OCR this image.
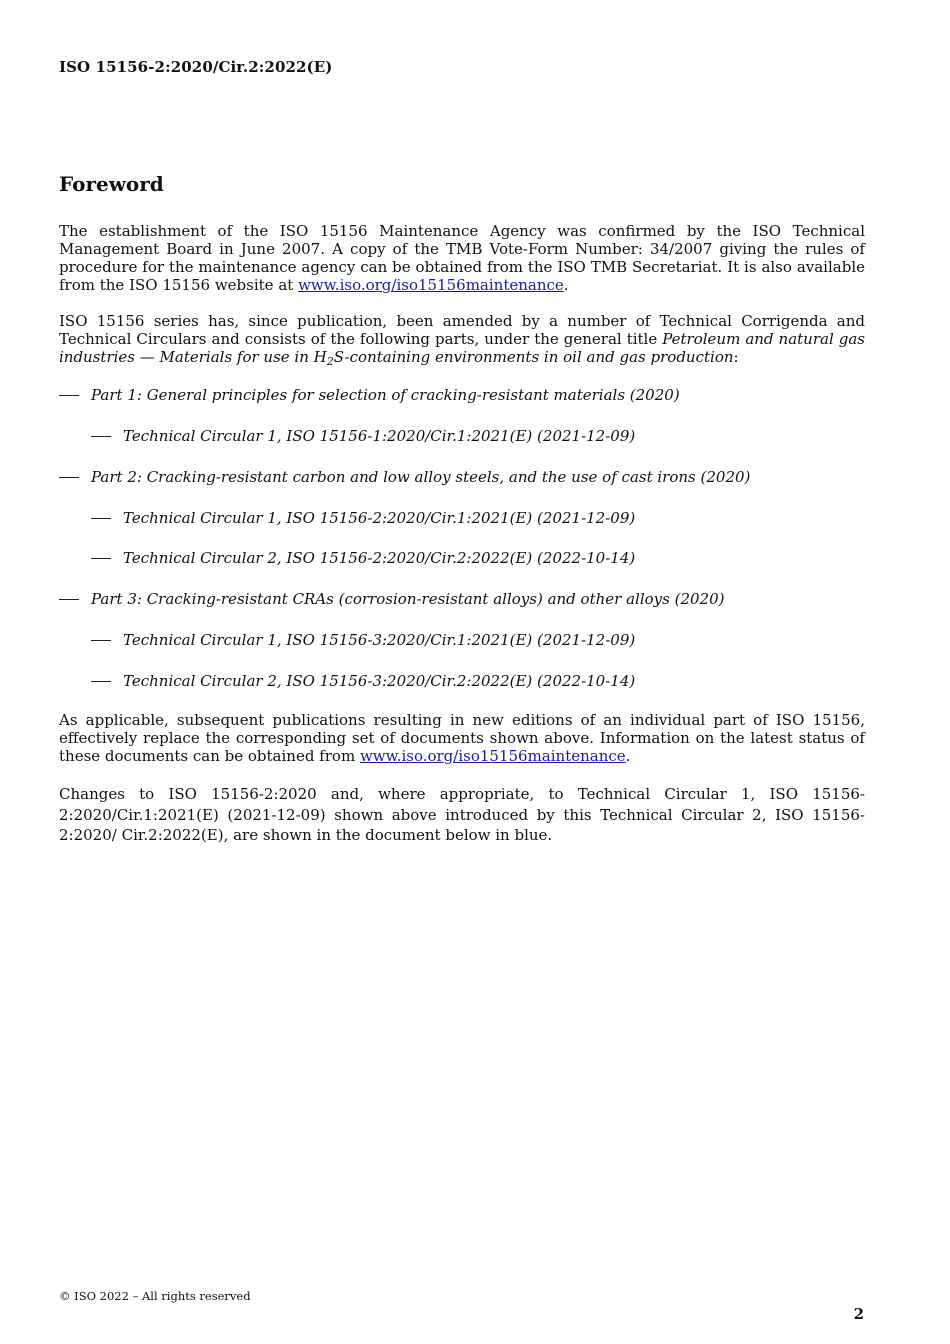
ISO 15156-2:2020/Cir.2:2022(E)
Foreword

The establishment of the ISO 15156 Maintenance Agency was confirmed by the ISO Technical Management Board in June 2007. A copy of the TMB Vote-Form Number: 34/2007 giving the rules of procedure for the maintenance agency can be obtained from the ISO TMB Secretariat. It is also available from the ISO 15156 website at www.iso.org/iso15156maintenance.

ISO 15156 series has, since publication, been amended by a number of Technical Corrigenda and Technical Circulars and consists of the following parts, under the general title Petroleum and natural gas industries — Materials for use in $H_2S$-containing environments in oil and gas production:

Part 1: General principles for selection of cracking-resistant materials (2020)
Technical Circular 1, ISO 15156-1:2020/Cir.1:2021(E) (2021-12-09)
Part 2: Cracking-resistant carbon and low alloy steels, and the use of cast irons (2020)
Technical Circular 1, ISO 15156-2:2020/Cir.1:2021(E) (2021-12-09)
Technical Circular 2, ISO 15156-2:2020/Cir.2:2022(E) (2022-10-14)
Part 3: Cracking-resistant CRAs (corrosion-resistant alloys) and other alloys (2020)
Technical Circular 1, ISO 15156-3:2020/Cir.1:2021(E) (2021-12-09)
Technical Circular 2, ISO 15156-3:2020/Cir.2:2022(E) (2022-10-14)

As applicable, subsequent publications resulting in new editions of an individual part of ISO 15156, effectively replace the corresponding set of documents shown above. Information on the latest status of these documents can be obtained from www.iso.org/iso15156maintenance.

Changes to ISO 15156-2:2020 and, where appropriate, to Technical Circular 1, ISO 15156-2:2020/Cir.1:2021(E) (2021-12-09) shown above introduced by this Technical Circular 2, ISO 15156-2:2020/ Cir.2:2022(E), are shown in the document below in blue.

© ISO 2022 – All rights reserved
2
